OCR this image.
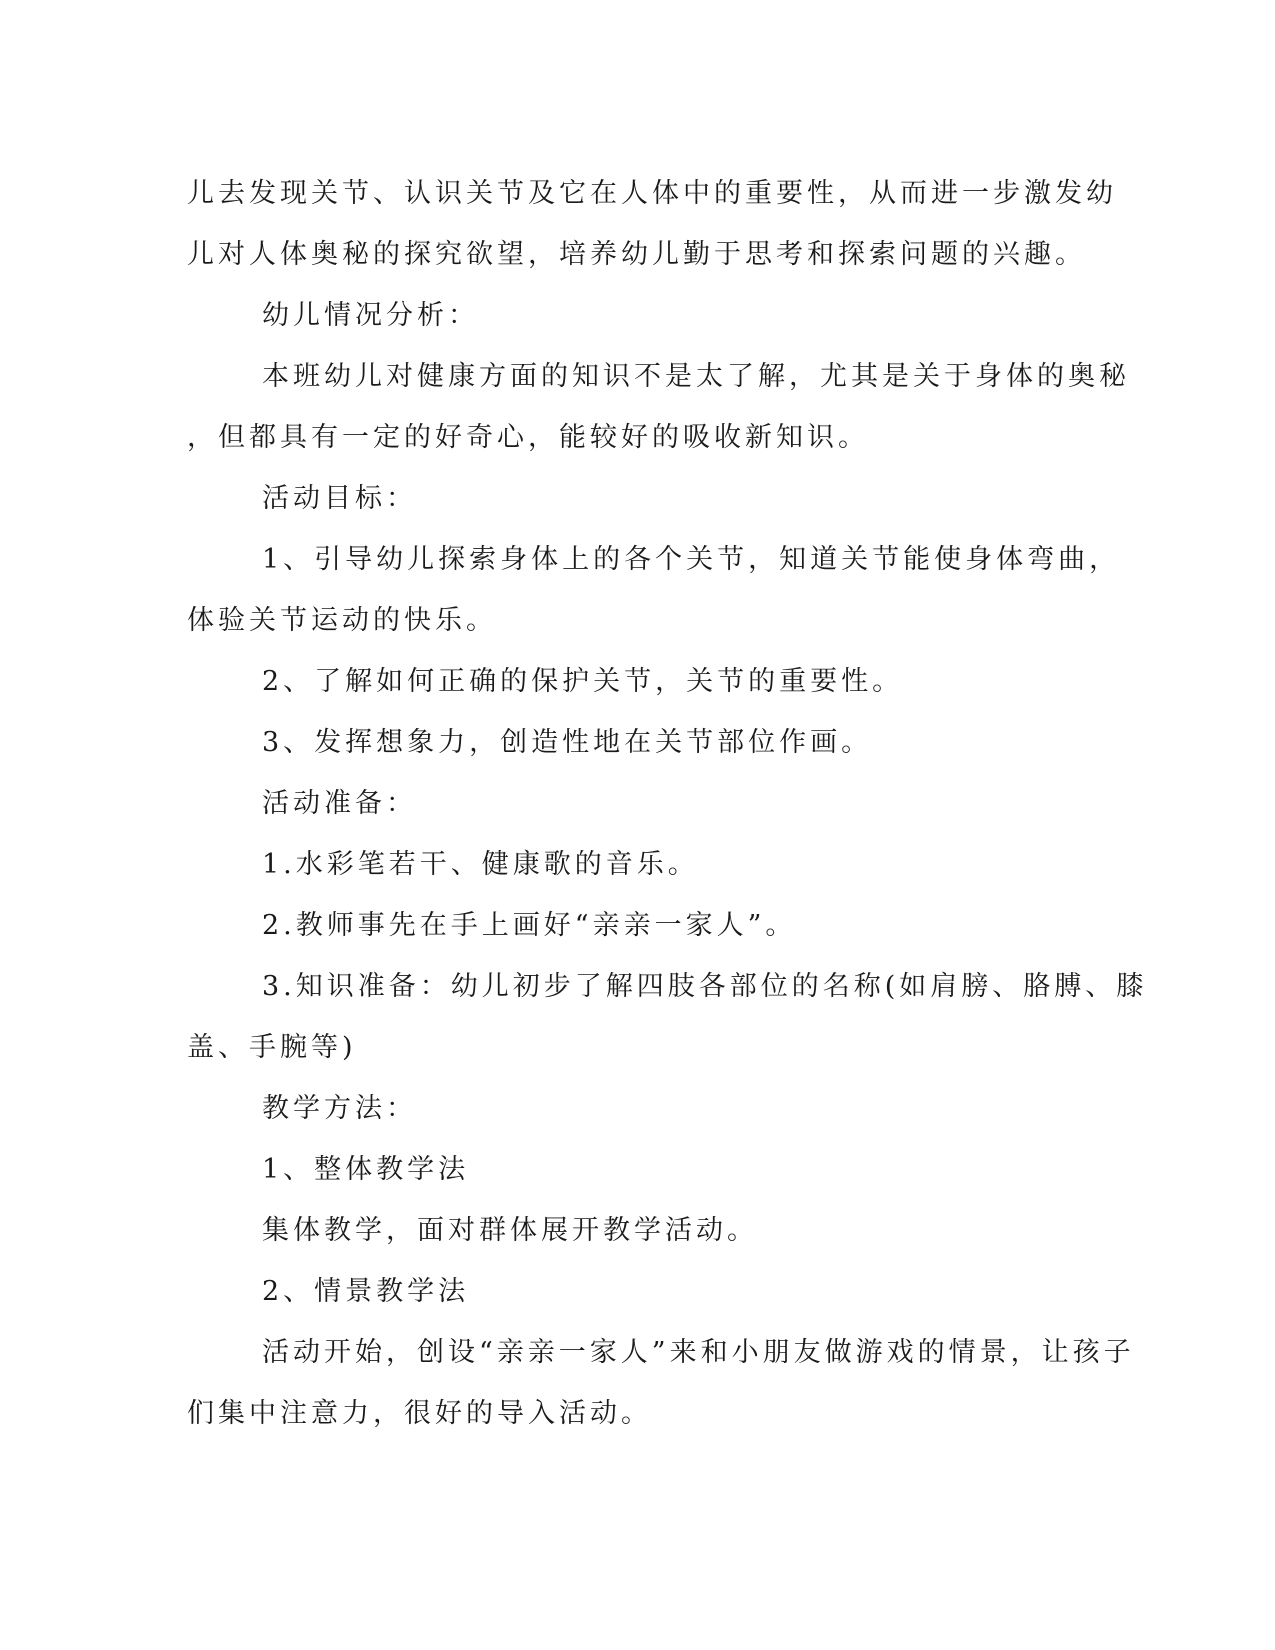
儿去发现关节、认识关节及它在人体中的重要性，从而进一步激发幼
儿对人体奥秘的探究欲望，培养幼儿勤于思考和探索问题的兴趣。
幼儿情况分析：
本班幼儿对健康方面的知识不是太了解，尤其是关于身体的奥秘
，但都具有一定的好奇心，能较好的吸收新知识。
活动目标：
1、引导幼儿探索身体上的各个关节，知道关节能使身体弯曲，
体验关节运动的快乐。
2、了解如何正确的保护关节，关节的重要性。
3、发挥想象力，创造性地在关节部位作画。
活动准备：
1.水彩笔若干、健康歌的音乐。
2.教师事先在手上画好“亲亲一家人”。
3.知识准备：幼儿初步了解四肢各部位的名称(如肩膀、胳膊、膝
盖、手腕等)
教学方法：
1、整体教学法
集体教学，面对群体展开教学活动。
2、情景教学法
活动开始，创设“亲亲一家人”来和小朋友做游戏的情景，让孩子
们集中注意力，很好的导入活动。
